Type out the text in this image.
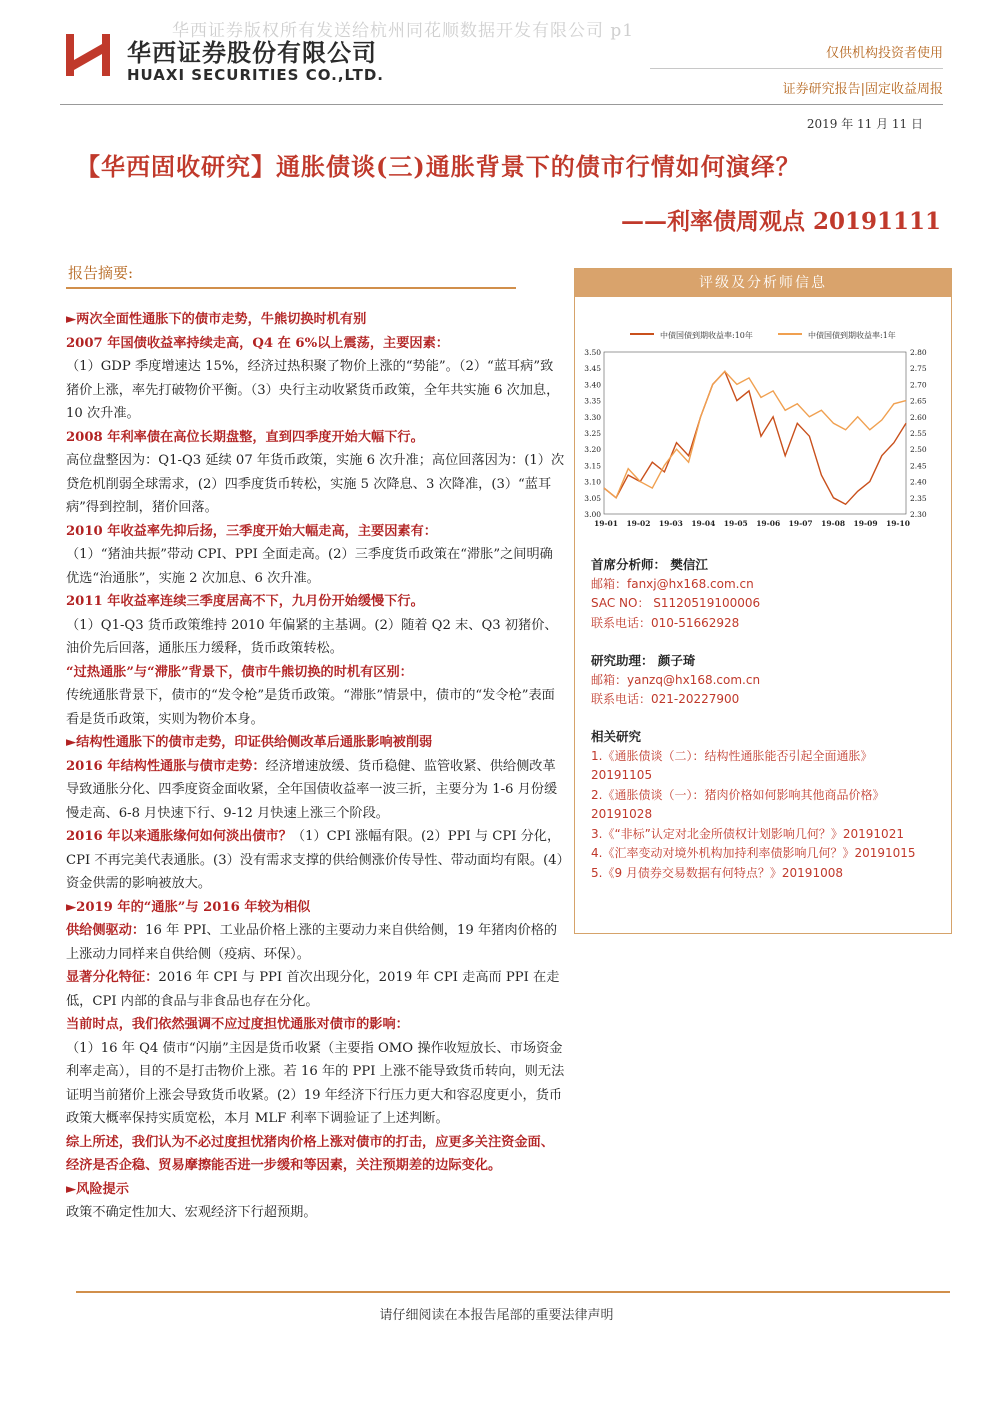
华西证券版权所有发送给杭州同花顺数据开发有限公司 p1
华西证券股份有限公司
HUAXI SECURITIES CO.,LTD.
仅供机构投资者使用
证券研究报告|固定收益周报
2019 年 11 月 11 日
【华西固收研究】通胀债谈(三)通胀背景下的债市行情如何演绎？
——利率债周观点 20191111
报告摘要:

►两次全面性通胀下的债市走势，牛熊切换时机有别

2007 年国债收益率持续走高，Q4 在 6%以上震荡，主要因素：

（1）GDP 季度增速达 15%，经济过热积聚了物价上涨的“势能”。（2）“蓝耳病”致猪价上涨，率先打破物价平衡。（3）央行主动收紧货币政策，全年共实施 6 次加息，10 次升准。

2008 年利率债在高位长期盘整，直到四季度开始大幅下行。

高位盘整因为：Q1-Q3 延续 07 年货币政策，实施 6 次升准；高位回落因为：(1）次贷危机削弱全球需求，(2）四季度货币转松，实施 5 次降息、3 次降准，(3）“蓝耳病”得到控制，猪价回落。

2010 年收益率先抑后扬，三季度开始大幅走高，主要因素有：

（1）“猪油共振”带动 CPI、PPI 全面走高。(2）三季度货币政策在“滞胀”之间明确优选“治通胀”，实施 2 次加息、6 次升准。

2011 年收益率连续三季度居高不下，九月份开始缓慢下行。

（1）Q1-Q3 货币政策维持 2010 年偏紧的主基调。(2）随着 Q2 末、Q3 初猪价、油价先后回落，通胀压力缓释，货币政策转松。

“过热通胀”与“滞胀”背景下，债市牛熊切换的时机有区别：

传统通胀背景下，债市的“发令枪”是货币政策。“滞胀”情景中，债市的“发令枪”表面看是货币政策，实则为物价本身。

►结构性通胀下的债市走势，印证供给侧改革后通胀影响被削弱

2016 年结构性通胀与债市走势：经济增速放缓、货币稳健、监管收紧、供给侧改革导致通胀分化、四季度资金面收紧，全年国债收益率一波三折，主要分为 1-6 月份缓慢走高、6-8 月快速下行、9-12 月快速上涨三个阶段。

2016 年以来通胀缘何如何淡出债市？（1）CPI 涨幅有限。(2）PPI 与 CPI 分化，CPI 不再完美代表通胀。(3）没有需求支撑的供给侧涨价传导性、带动面均有限。(4）资金供需的影响被放大。

►2019 年的“通胀”与 2016 年较为相似

供给侧驱动：16 年 PPI、工业品价格上涨的主要动力来自供给侧，19 年猪肉价格的上涨动力同样来自供给侧（疫病、环保）。

显著分化特征：2016 年 CPI 与 PPI 首次出现分化，2019 年 CPI 走高而 PPI 在走低，CPI 内部的食品与非食品也存在分化。

当前时点，我们依然强调不应过度担忧通胀对债市的影响：

（1）16 年 Q4 债市“闪崩”主因是货币收紧（主要指 OMO 操作收短放长、市场资金利率走高），目的不是打击物价上涨。若 16 年的 PPI 上涨不能导致货币转向，则无法证明当前猪价上涨会导致货币收紧。(2）19 年经济下行压力更大和容忍度更小，货币政策大概率保持实质宽松，本月 MLF 利率下调验证了上述判断。

综上所述，我们认为不必过度担忧猪肉价格上涨对债市的打击，应更多关注资金面、经济是否企稳、贸易摩擦能否进一步缓和等因素，关注预期差的边际变化。

►风险提示

政策不确定性加大、宏观经济下行超预期。

评级及分析师信息
中债国债到期收益率:10年	中债国债到期收益率:1年
3.50
3.45
3.40
3.35
3.30
3.25
3.20
3.15
3.10
3.05
3.00
2.80
2.75
2.70
2.65
2.60
2.55
2.50
2.45
2.40
2.35
2.30
19-01 19-02 19-03 19-04 19-05 19-06 19-07 19-08 19-09 19-10
首席分析师： 樊信江
邮箱：fanxj@hx168.com.cn
SAC NO： S1120519100006
联系电话：010-51662928
研究助理： 颜子琦
邮箱：yanzq@hx168.com.cn
联系电话：021-20227900
相关研究
1.《通胀债谈（二）：结构性通胀能否引起全面通胀》20191105
2.《通胀债谈（一）：猪肉价格如何影响其他商品价格》20191028
3.《“非标”认定对北金所债权计划影响几何？》20191021
4.《汇率变动对境外机构加持利率债影响几何？》20191015
5.《9 月债券交易数据有何特点？》20191008
请仔细阅读在本报告尾部的重要法律声明
